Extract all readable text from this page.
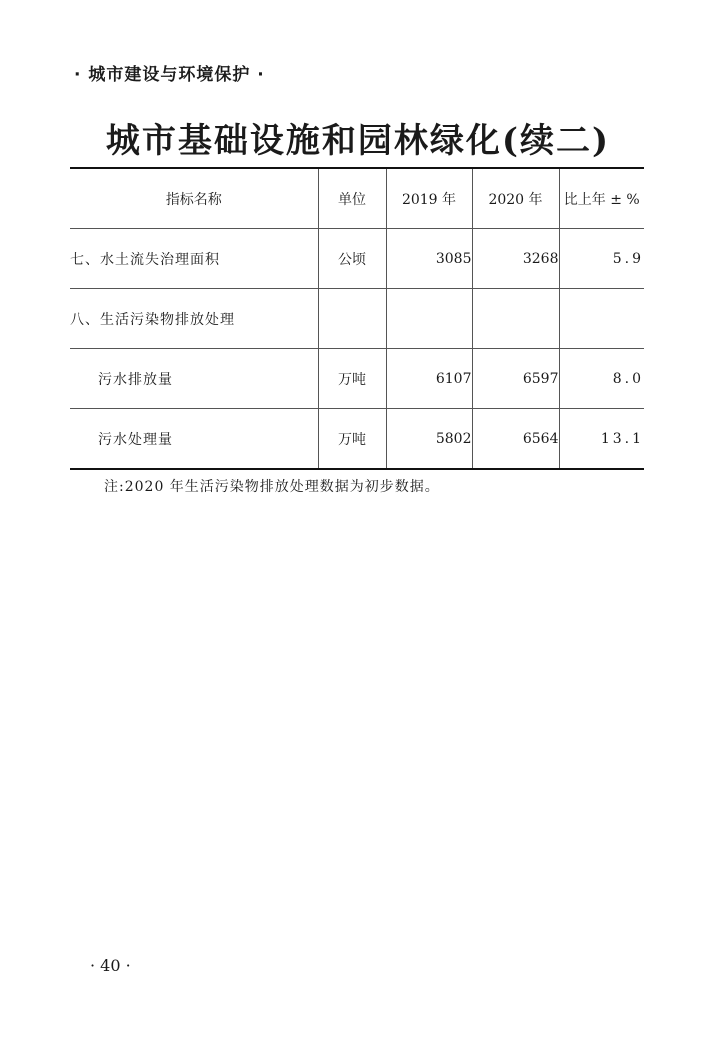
· 城市建设与环境保护 ·
城市基础设施和园林绿化(续二)
指标名称	单位	2019 年	2020 年	比上年 ± %
七、水土流失治理面积	公顷	3085	3268	5.9
八、生活污染物排放处理				
污水排放量	万吨	6107	6597	8.0
污水处理量	万吨	5802	6564	13.1
注:2020 年生活污染物排放处理数据为初步数据。
· 40 ·
